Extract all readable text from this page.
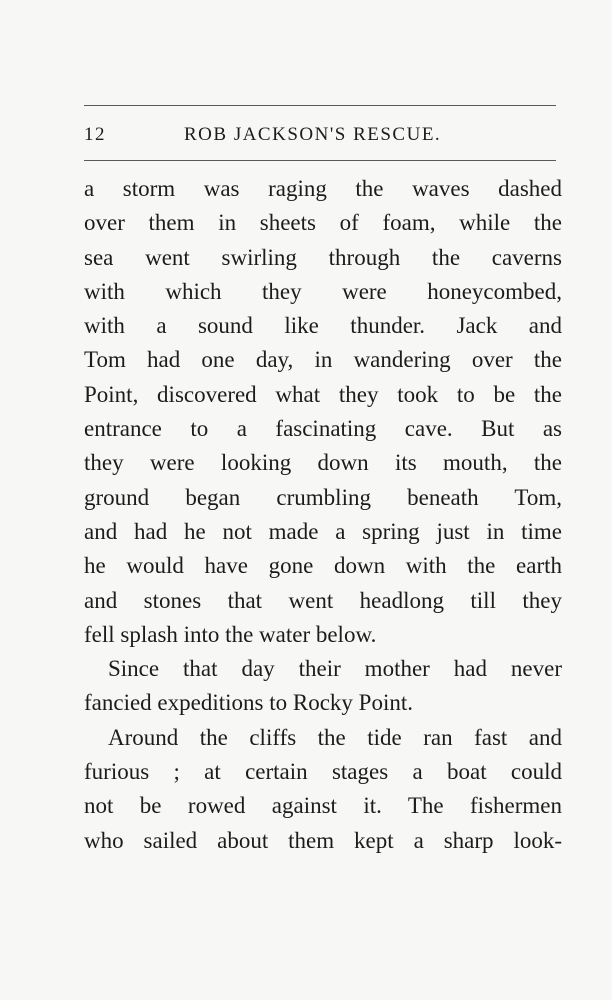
12	ROB JACKSON'S RESCUE.
a storm was raging the waves dashed
over them in sheets of foam, while the
sea went swirling through the caverns
with which they were honeycombed,
with a sound like thunder. Jack and
Tom had one day, in wandering over the
Point, discovered what they took to be the
entrance to a fascinating cave. But as
they were looking down its mouth, the
ground began crumbling beneath Tom,
and had he not made a spring just in time
he would have gone down with the earth
and stones that went headlong till they
fell splash into the water below.
Since that day their mother had never
fancied expeditions to Rocky Point.
Around the cliffs the tide ran fast and
furious ; at certain stages a boat could
not be rowed against it. The fishermen
who sailed about them kept a sharp look-
